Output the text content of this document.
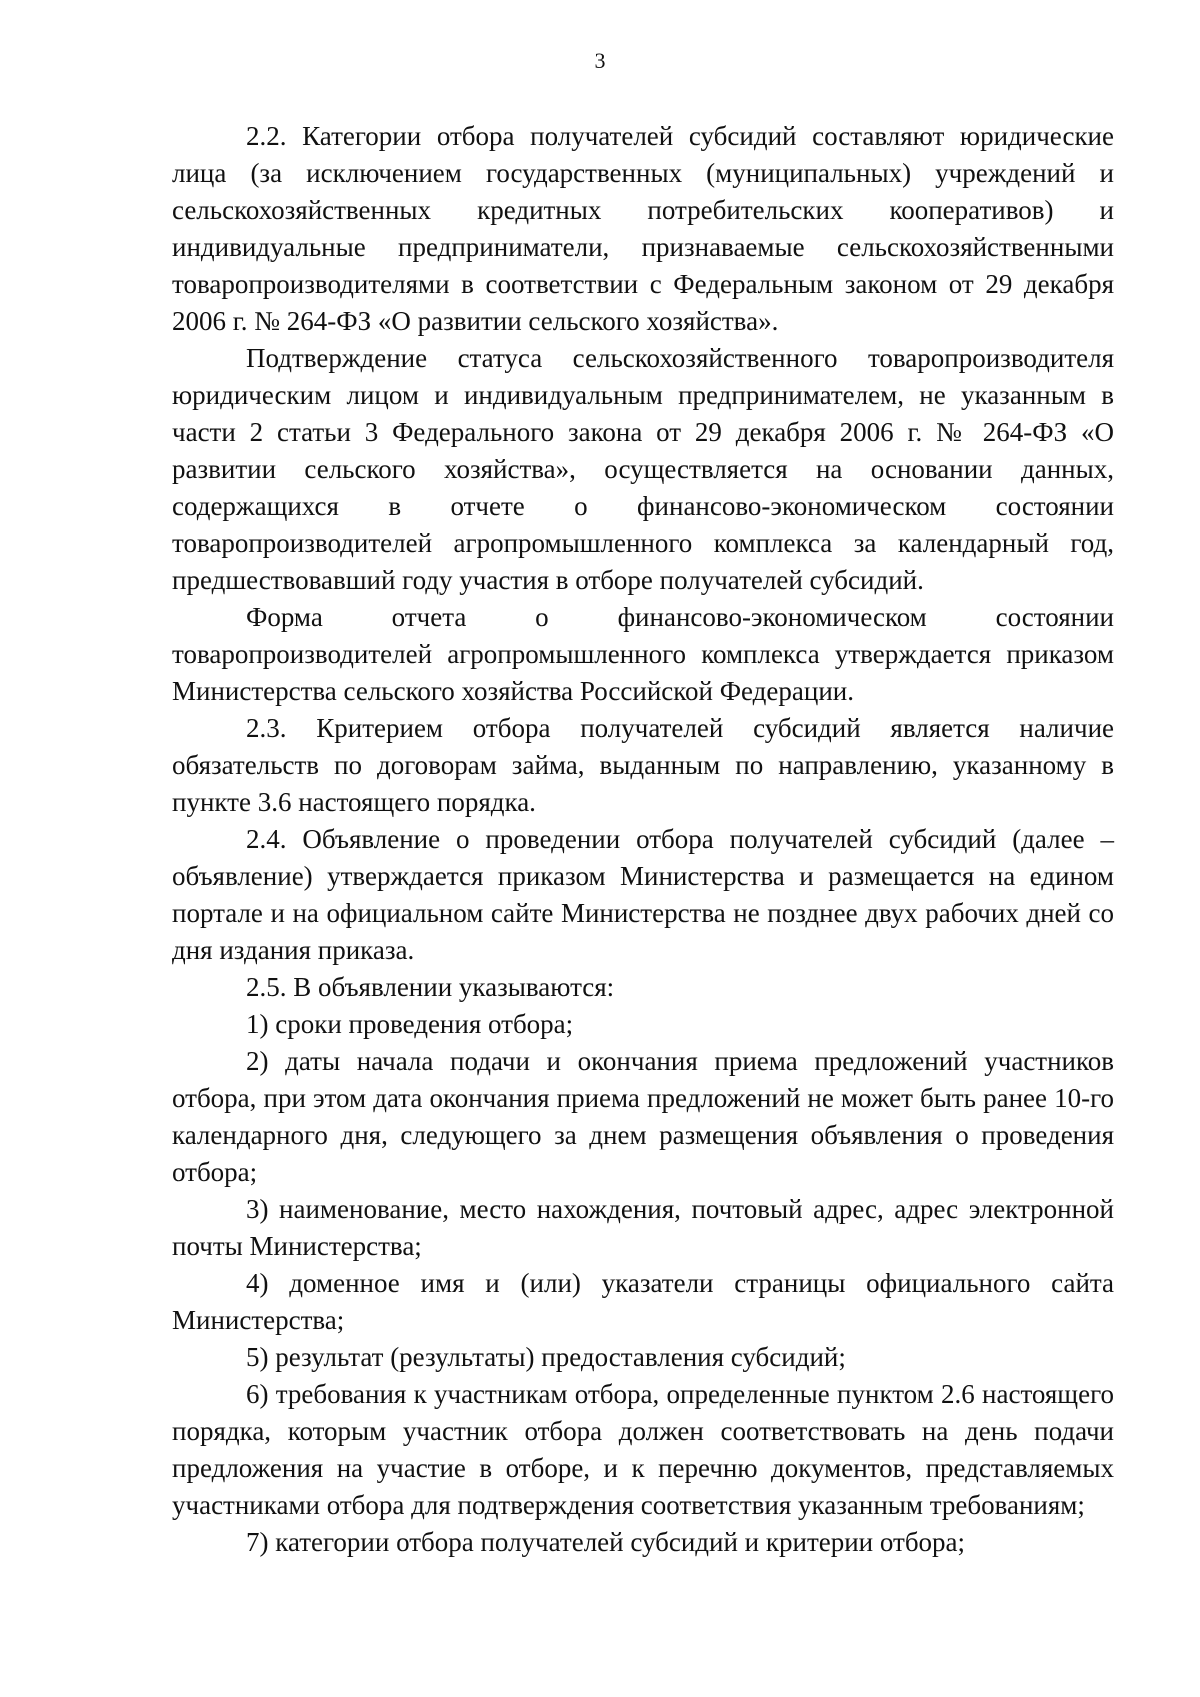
3

2.2. Категории отбора получателей субсидий составляют юридические лица (за исключением государственных (муниципальных) учреждений и сельскохозяйственных кредитных потребительских кооперативов) и индивидуальные предприниматели, признаваемые сельскохозяйственными товаропроизводителями в соответствии с Федеральным законом от 29 декабря 2006 г. № 264-ФЗ «О развитии сельского хозяйства».

Подтверждение статуса сельскохозяйственного товаропроизводителя юридическим лицом и индивидуальным предпринимателем, не указанным в части 2 статьи 3 Федерального закона от 29 декабря 2006 г. № 264-ФЗ «О развитии сельского хозяйства», осуществляется на основании данных, содержащихся в отчете о финансово-экономическом состоянии товаропроизводителей агропромышленного комплекса за календарный год, предшествовавший году участия в отборе получателей субсидий.

Форма отчета о финансово-экономическом состоянии товаропроизводителей агропромышленного комплекса утверждается приказом Министерства сельского хозяйства Российской Федерации.

2.3. Критерием отбора получателей субсидий является наличие обязательств по договорам займа, выданным по направлению, указанному в пункте 3.6 настоящего порядка.

2.4. Объявление о проведении отбора получателей субсидий (далее – объявление) утверждается приказом Министерства и размещается на едином портале и на официальном сайте Министерства не позднее двух рабочих дней со дня издания приказа.

2.5. В объявлении указываются:

1) сроки проведения отбора;

2) даты начала подачи и окончания приема предложений участников отбора, при этом дата окончания приема предложений не может быть ранее 10-го календарного дня, следующего за днем размещения объявления о проведения отбора;

3) наименование, место нахождения, почтовый адрес, адрес электронной почты Министерства;

4) доменное имя и (или) указатели страницы официального сайта Министерства;

5) результат (результаты) предоставления субсидий;

6) требования к участникам отбора, определенные пунктом 2.6 настоящего порядка, которым участник отбора должен соответствовать на день подачи предложения на участие в отборе, и к перечню документов, представляемых участниками отбора для подтверждения соответствия указанным требованиям;

7) категории отбора получателей субсидий и критерии отбора;
